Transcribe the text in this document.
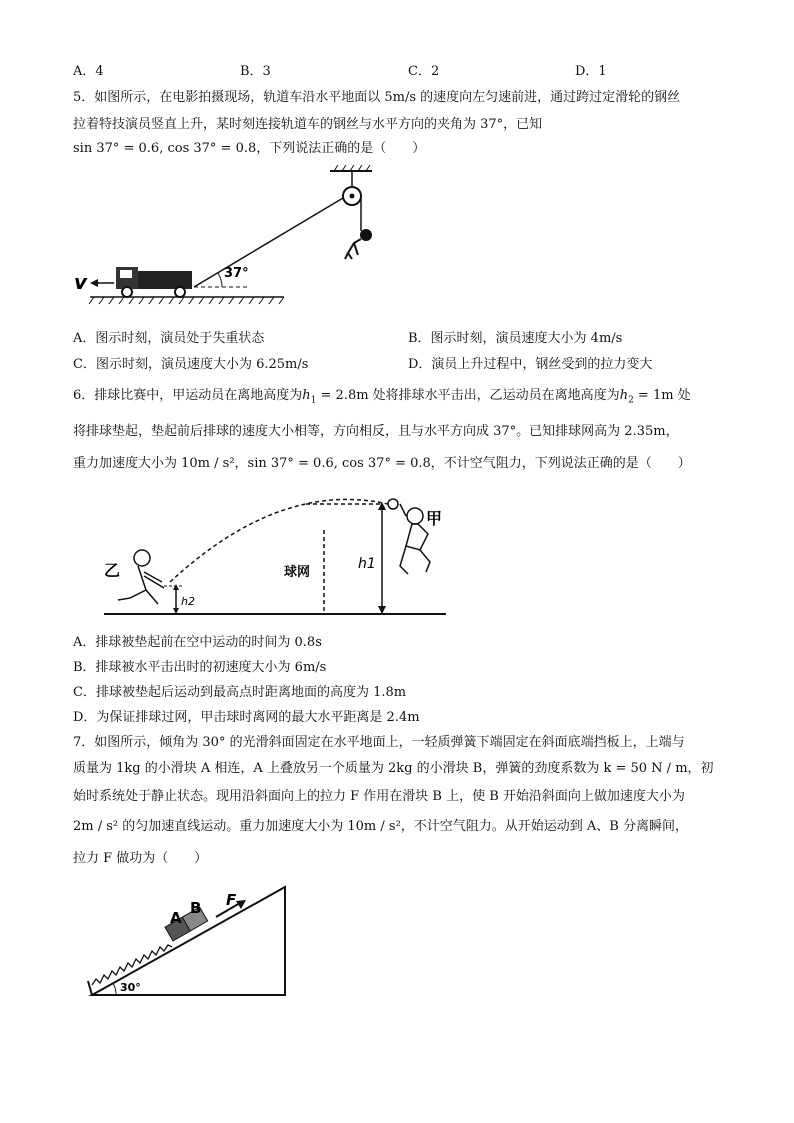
A．4	B．3	C．2	D．1
5．如图所示，在电影拍摄现场，轨道车沿水平地面以 5m/s 的速度向左匀速前进，通过跨过定滑轮的钢丝
拉着特技演员竖直上升，某时刻连接轨道车的钢丝与水平方向的夹角为 37°，已知
sin 37° = 0.6, cos 37° = 0.8，下列说法正确的是（　　）
37°
v
A．图示时刻，演员处于失重状态	B．图示时刻，演员速度大小为 4m/s
C．图示时刻，演员速度大小为 6.25m/s	D．演员上升过程中，钢丝受到的拉力变大
6．排球比赛中，甲运动员在离地高度为$h_1 = 2.8m$ 处将排球水平击出，乙运动员在离地高度为$h_2 = 1m$ 处
将排球垫起，垫起前后排球的速度大小相等，方向相反，且与水平方向成 37°。已知排球网高为 2.35m，
重力加速度大小为 10m / s²，sin 37° = 0.6, cos 37° = 0.8，不计空气阻力，下列说法正确的是（　　）
球网
h1
甲
乙
h2
A．排球被垫起前在空中运动的时间为 0.8s
B．排球被水平击出时的初速度大小为 6m/s
C．排球被垫起后运动到最高点时距离地面的高度为 1.8m
D．为保证排球过网，甲击球时离网的最大水平距离是 2.4m
7．如图所示，倾角为 30° 的光滑斜面固定在水平地面上，一轻质弹簧下端固定在斜面底端挡板上，上端与
质量为 1kg 的小滑块 A 相连，A 上叠放另一个质量为 2kg 的小滑块 B，弹簧的劲度系数为 k = 50 N / m，初
始时系统处于静止状态。现用沿斜面向上的拉力 F 作用在滑块 B 上，使 B 开始沿斜面向上做加速度大小为
2m / s² 的匀加速直线运动。重力加速度大小为 10m / s²，不计空气阻力。从开始运动到 A、B 分离瞬间，
拉力 F 做功为（　　）
A
B F
30°
